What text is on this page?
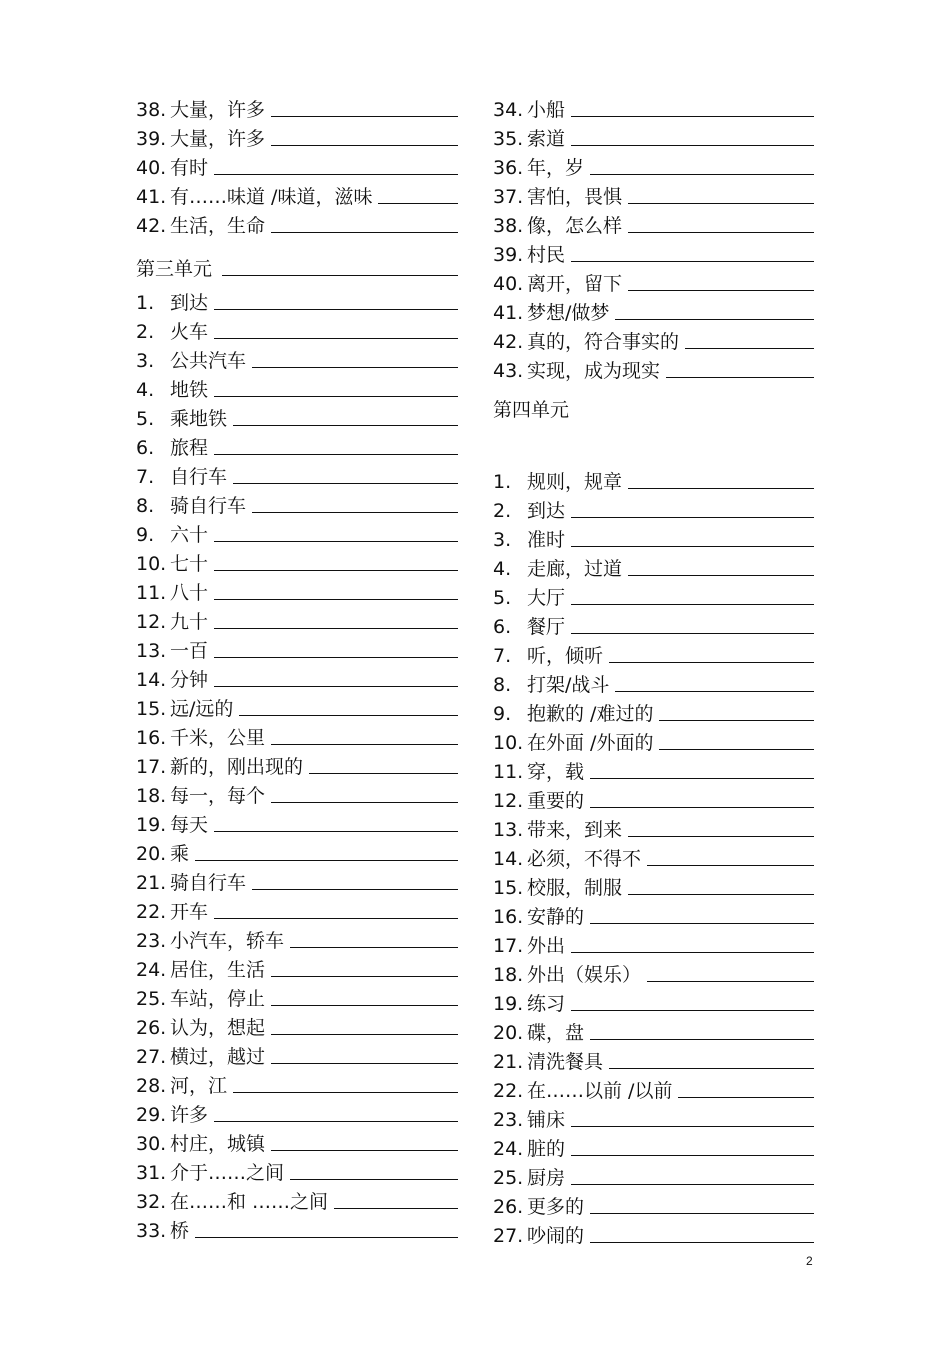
38. 大量，许多
39. 大量，许多
40. 有时
41. 有……味道 /味道，滋味
42. 生活，生命
第三单元
1. 到达
2. 火车
3. 公共汽车
4. 地铁
5. 乘地铁
6. 旅程
7. 自行车
8. 骑自行车
9. 六十
10. 七十
11. 八十
12. 九十
13. 一百
14. 分钟
15. 远/远的
16. 千米，公里
17. 新的，刚出现的
18. 每一，每个
19. 每天
20. 乘
21. 骑自行车
22. 开车
23. 小汽车，轿车
24. 居住，生活
25. 车站，停止
26. 认为，想起
27. 横过，越过
28. 河，江
29. 许多
30. 村庄，城镇
31. 介于……之间
32. 在……和 ……之间
33. 桥
34. 小船
35. 索道
36. 年，岁
37. 害怕，畏惧
38. 像，怎么样
39. 村民
40. 离开，留下
41. 梦想/做梦
42. 真的，符合事实的
43. 实现，成为现实
第四单元
1. 规则，规章
2. 到达
3. 准时
4. 走廊，过道
5. 大厅
6. 餐厅
7. 听，倾听
8. 打架/战斗
9. 抱歉的 /难过的
10. 在外面 /外面的
11. 穿，载
12. 重要的
13. 带来，到来
14. 必须，不得不
15. 校服，制服
16. 安静的
17. 外出
18. 外出（娱乐）
19. 练习
20. 碟，盘
21. 清洗餐具
22. 在……以前 /以前
23. 铺床
24. 脏的
25. 厨房
26. 更多的
27. 吵闹的
2
